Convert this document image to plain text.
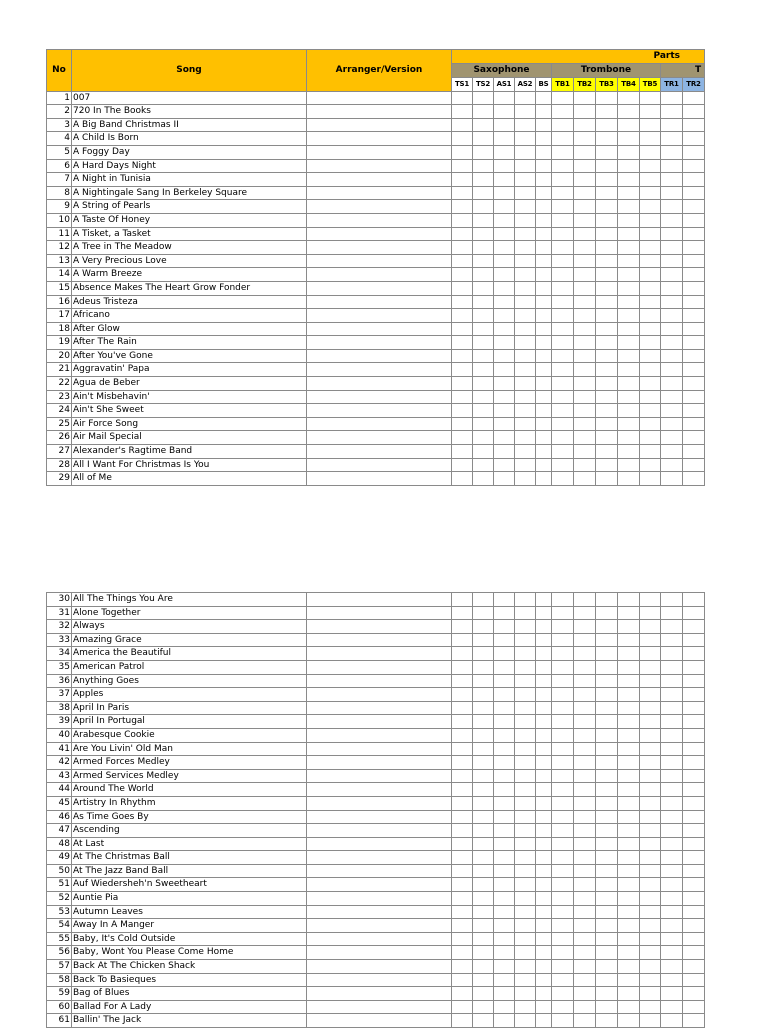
No	Song	Arranger/Version	Parts											
			Saxophone					Trombone					T	
			TS1	TS2	AS1	AS2	BS	TB1	TB2	TB3	TB4	TB5	TR1	TR2
1	007													
2	720 In The Books													
3	A Big Band Christmas II													
4	A Child Is Born													
5	A Foggy Day													
6	A Hard Days Night													
7	A Night in Tunisia													
8	A Nightingale Sang In Berkeley Square													
9	A String of Pearls													
10	A Taste Of Honey													
11	A Tisket, a Tasket													
12	A Tree in The Meadow													
13	A Very Precious Love													
14	A Warm Breeze													
15	Absence Makes The Heart Grow Fonder													
16	Adeus Tristeza													
17	Africano													
18	After Glow													
19	After The Rain													
20	After You've Gone													
21	Aggravatin' Papa													
22	Agua de Beber													
23	Ain't Misbehavin'													
24	Ain't She Sweet													
25	Air Force Song													
26	Air Mail Special													
27	Alexander's Ragtime Band													
28	All I Want For Christmas Is You													
29	All of Me													
30	All The Things You Are													
31	Alone Together													
32	Always													
33	Amazing Grace													
34	America the Beautiful													
35	American Patrol													
36	Anything Goes													
37	Apples													
38	April In Paris													
39	April In Portugal													
40	Arabesque Cookie													
41	Are You Livin' Old Man													
42	Armed Forces Medley													
43	Armed Services Medley													
44	Around The World													
45	Artistry In Rhythm													
46	As Time Goes By													
47	Ascending													
48	At Last													
49	At The Christmas Ball													
50	At The Jazz Band Ball													
51	Auf Wiedersheh'n Sweetheart													
52	Auntie Pia													
53	Autumn Leaves													
54	Away In A Manger													
55	Baby, It's Cold Outside													
56	Baby, Wont You Please Come Home													
57	Back At The Chicken Shack													
58	Back To Basieques													
59	Bag of Blues													
60	Ballad For A Lady													
61	Ballin' The Jack													
